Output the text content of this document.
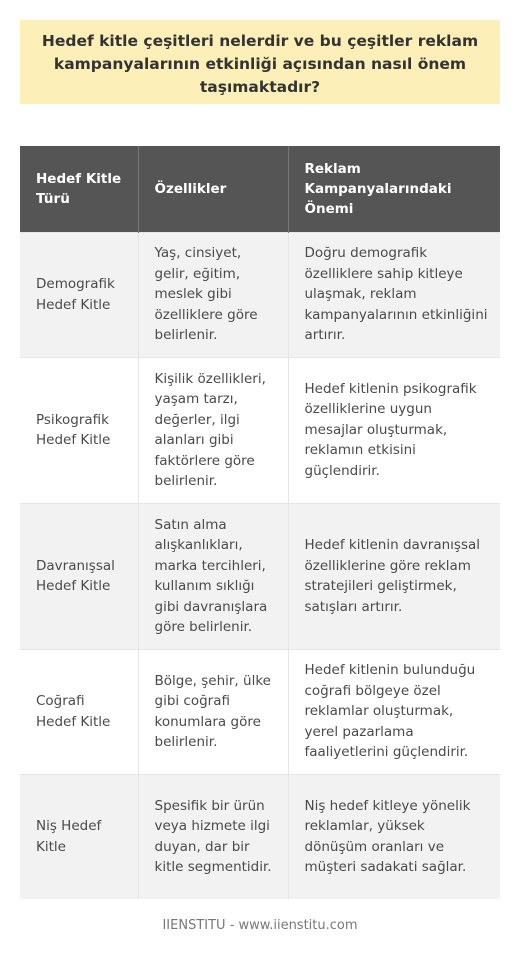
Hedef kitle çeşitleri nelerdir ve bu çeşitler reklam kampanyalarının etkinliği açısından nasıl önem taşımaktadır?
Hedef Kitle Türü	Özellikler	Reklam Kampanyalarındaki Önemi
Demografik Hedef Kitle	Yaş, cinsiyet, gelir, eğitim, meslek gibi özelliklere göre belirlenir.	Doğru demografik özelliklere sahip kitleye ulaşmak, reklam kampanyalarının etkinliğini artırır.
Psikografik Hedef Kitle	Kişilik özellikleri, yaşam tarzı, değerler, ilgi alanları gibi faktörlere göre belirlenir.	Hedef kitlenin psikografik özelliklerine uygun mesajlar oluşturmak, reklamın etkisini güçlendirir.
Davranışsal Hedef Kitle	Satın alma alışkanlıkları, marka tercihleri, kullanım sıklığı gibi davranışlara göre belirlenir.	Hedef kitlenin davranışsal özelliklerine göre reklam stratejileri geliştirmek, satışları artırır.
Coğrafi Hedef Kitle	Bölge, şehir, ülke gibi coğrafi konumlara göre belirlenir.	Hedef kitlenin bulunduğu coğrafi bölgeye özel reklamlar oluşturmak, yerel pazarlama faaliyetlerini güçlendirir.
Niş Hedef Kitle	Spesifik bir ürün veya hizmete ilgi duyan, dar bir kitle segmentidir.	Niş hedef kitleye yönelik reklamlar, yüksek dönüşüm oranları ve müşteri sadakati sağlar.
IIENSTITU - www.iienstitu.com
